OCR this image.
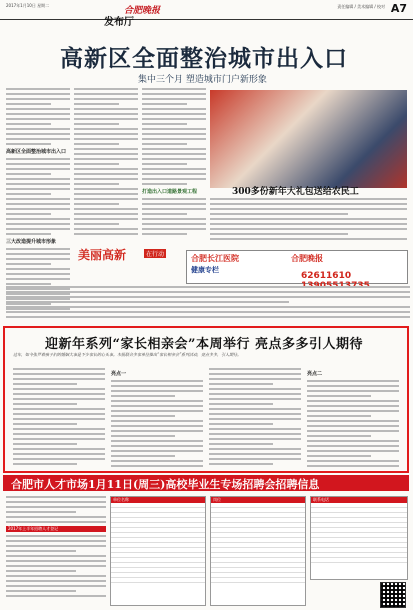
2017年1月10日 星期二
合肥晚报	责任编辑 / 美术编辑 / 校对 A7
发布厅
高新区全面整治城市出入口
集中三个月 塑造城市门户新形象
高新区全面整治城市出入口
三大改造提升城市形象
打造出入口道路景观工程	300多份新年大礼包送给农民工
美丽高新	在行动	合肥长江医院	合肥晚报
健康专栏
62611610
迎新年系列“家长相亲会”本周举行 亮点多多引人期待
过年，如今张罗着孩子们的婚姻大事是不少家长的心头事。本报联合多家单位推出“家长相亲会”系列活动，亮点多多，引人期待。
亮点一	亮点二
合肥市人才市场1月11日(周三)高校毕业生专场招聘会招聘信息
2017年上半年招聘人才登记
单位名称	岗位	联系电话
